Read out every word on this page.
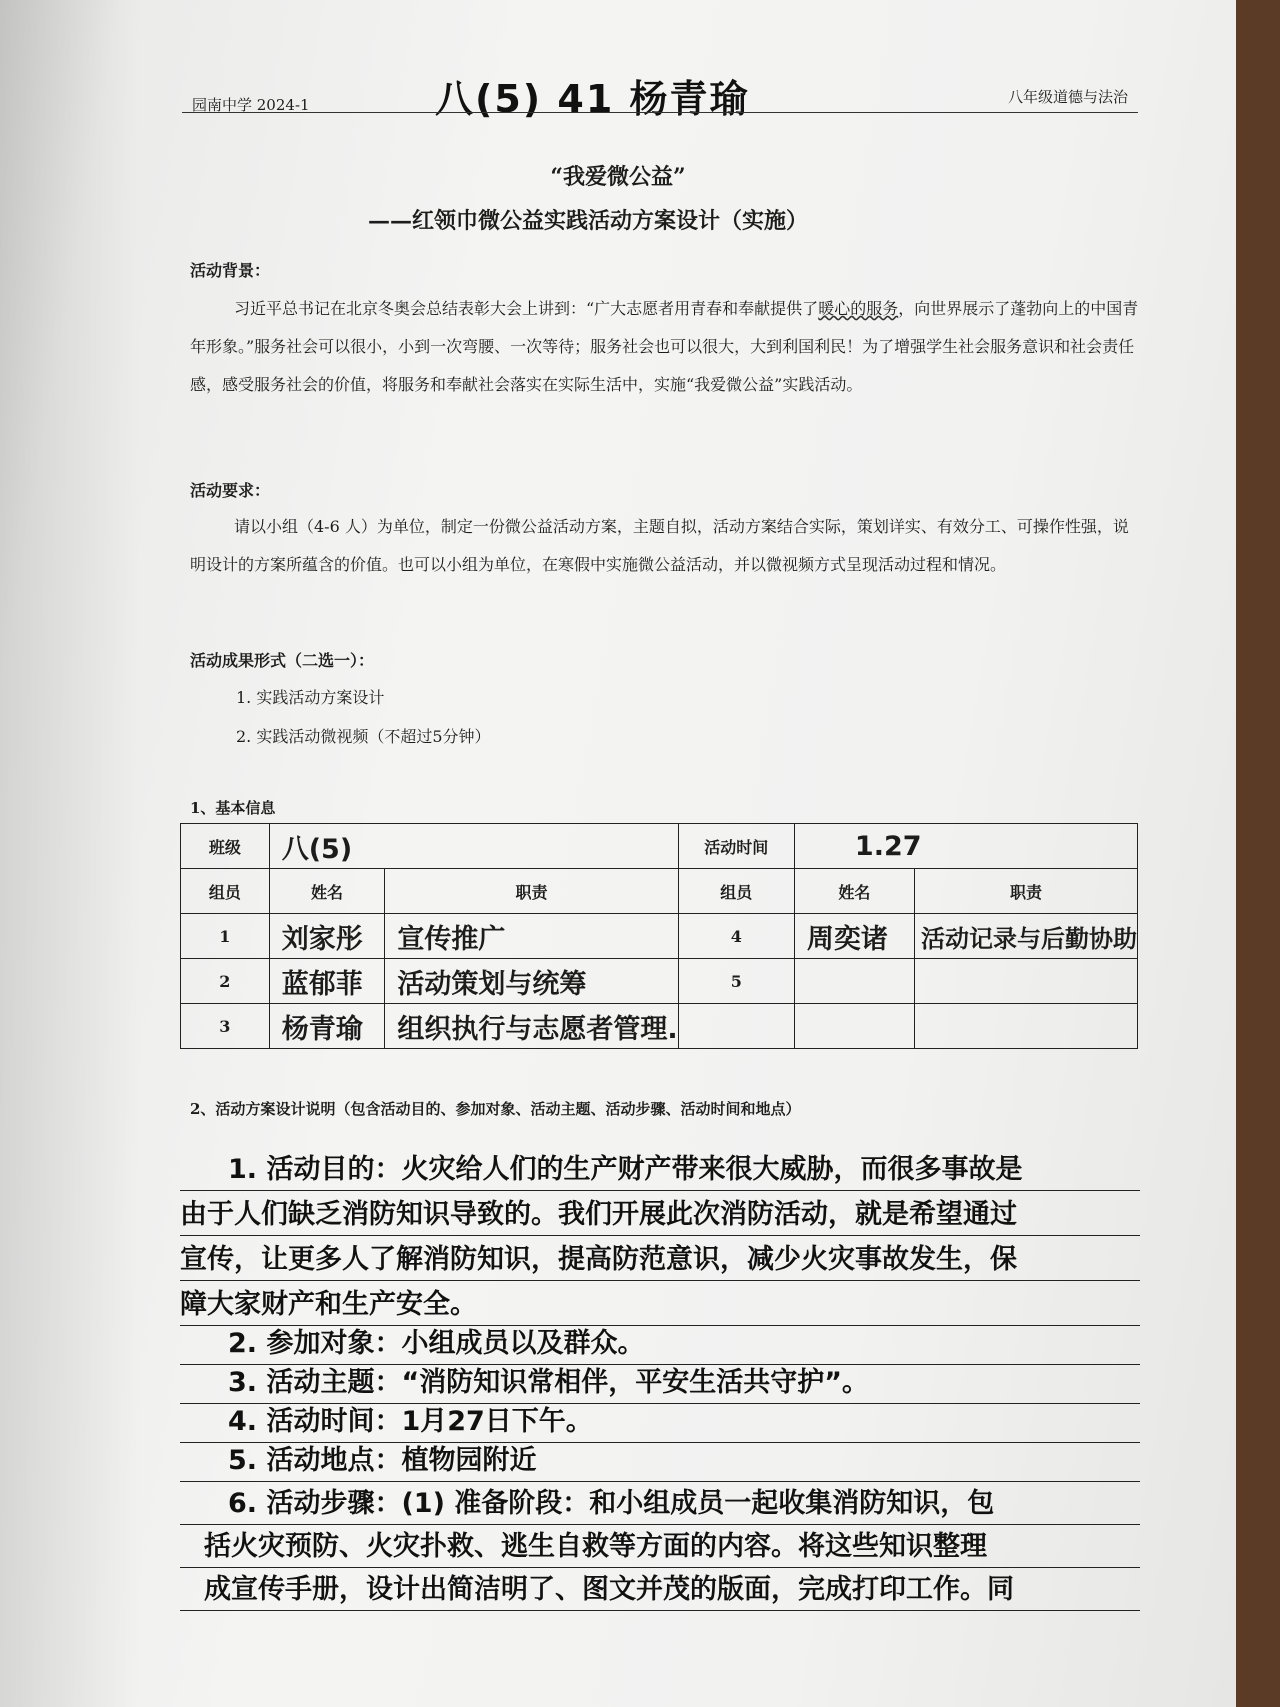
园南中学 2024-1	八(5) 41 杨青瑜	八年级道德与法治
“我爱微公益”
——红领巾微公益实践活动方案设计（实施）
活动背景：
习近平总书记在北京冬奥会总结表彰大会上讲到：“广大志愿者用青春和奉献提供了暖心的服务，向世界展示了蓬勃向上的中国青年形象。”服务社会可以很小，小到一次弯腰、一次等待；服务社会也可以很大，大到利国利民！为了增强学生社会服务意识和社会责任感，感受服务社会的价值，将服务和奉献社会落实在实际生活中，实施“我爱微公益”实践活动。
活动要求：
请以小组（4-6 人）为单位，制定一份微公益活动方案，主题自拟，活动方案结合实际，策划详实、有效分工、可操作性强，说明设计的方案所蕴含的价值。也可以小组为单位，在寒假中实施微公益活动，并以微视频方式呈现活动过程和情况。
活动成果形式（二选一）：
1. 实践活动方案设计
2. 实践活动微视频（不超过5分钟）
1、基本信息
班级	八(5)		活动时间	1.27	
组员	姓名	职责	组员	姓名	职责
1	刘家彤	宣传推广	4	周奕诸	活动记录与后勤协助
2	蓝郁菲	活动策划与统筹	5		
3	杨青瑜	组织执行与志愿者管理.			
2、活动方案设计说明（包含活动目的、参加对象、活动主题、活动步骤、活动时间和地点）
1. 活动目的：火灾给人们的生产财产带来很大威胁，而很多事故是
由于人们缺乏消防知识导致的。我们开展此次消防活动，就是希望通过
宣传，让更多人了解消防知识，提高防范意识，减少火灾事故发生，保
障大家财产和生产安全。
2. 参加对象：小组成员以及群众。
3. 活动主题：“消防知识常相伴，平安生活共守护”。
4. 活动时间：1月27日下午。
5. 活动地点：植物园附近
6. 活动步骤：(1) 准备阶段：和小组成员一起收集消防知识，包
括火灾预防、火灾扑救、逃生自救等方面的内容。将这些知识整理
成宣传手册，设计出简洁明了、图文并茂的版面，完成打印工作。同
